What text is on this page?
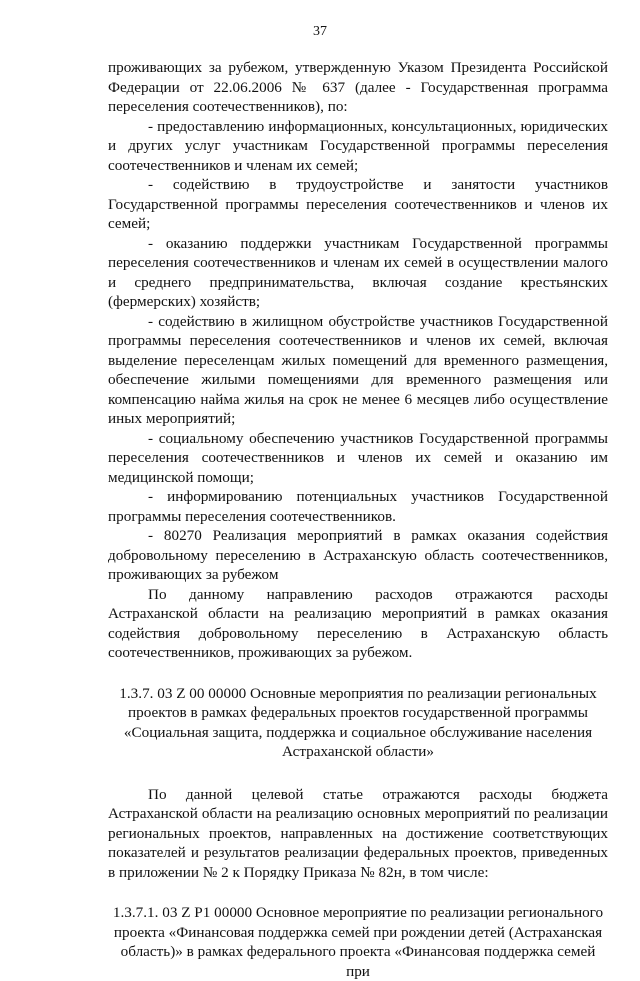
37

проживающих за рубежом, утвержденную Указом Президента Российской Федерации от 22.06.2006 № 637 (далее - Государственная программа переселения соотечественников), по:

- предоставлению информационных, консультационных, юридических и других услуг участникам Государственной программы переселения соотечественников и членам их семей;

- содействию в трудоустройстве и занятости участников Государственной программы переселения соотечественников и членов их семей;

- оказанию поддержки участникам Государственной программы переселения соотечественников и членам их семей в осуществлении малого и среднего предпринимательства, включая создание крестьянских (фермерских) хозяйств;

- содействию в жилищном обустройстве участников Государственной программы переселения соотечественников и членов их семей, включая выделение переселенцам жилых помещений для временного размещения, обеспечение жилыми помещениями для временного размещения или компенсацию найма жилья на срок не менее 6 месяцев либо осуществление иных мероприятий;

- социальному обеспечению участников Государственной программы переселения соотечественников и членов их семей и оказанию им медицинской помощи;

- информированию потенциальных участников Государственной программы переселения соотечественников.

- 80270 Реализация мероприятий в рамках оказания содействия добровольному переселению в Астраханскую область соотечественников, проживающих за рубежом

По данному направлению расходов отражаются расходы Астраханской области на реализацию мероприятий в рамках оказания содействия добровольному переселению в Астраханскую область соотечественников, проживающих за рубежом.

1.3.7. 03 Z 00 00000 Основные мероприятия по реализации региональных проектов в рамках федеральных проектов государственной программы «Социальная защита, поддержка и социальное обслуживание населения Астраханской области»

По данной целевой статье отражаются расходы бюджета Астраханской области на реализацию основных мероприятий по реализации региональных проектов, направленных на достижение соответствующих показателей и результатов реализации федеральных проектов, приведенных в приложении № 2 к Порядку Приказа № 82н, в том числе:

1.3.7.1. 03 Z P1 00000 Основное мероприятие по реализации регионального проекта «Финансовая поддержка семей при рождении детей (Астраханская область)» в рамках федерального проекта «Финансовая поддержка семей при
